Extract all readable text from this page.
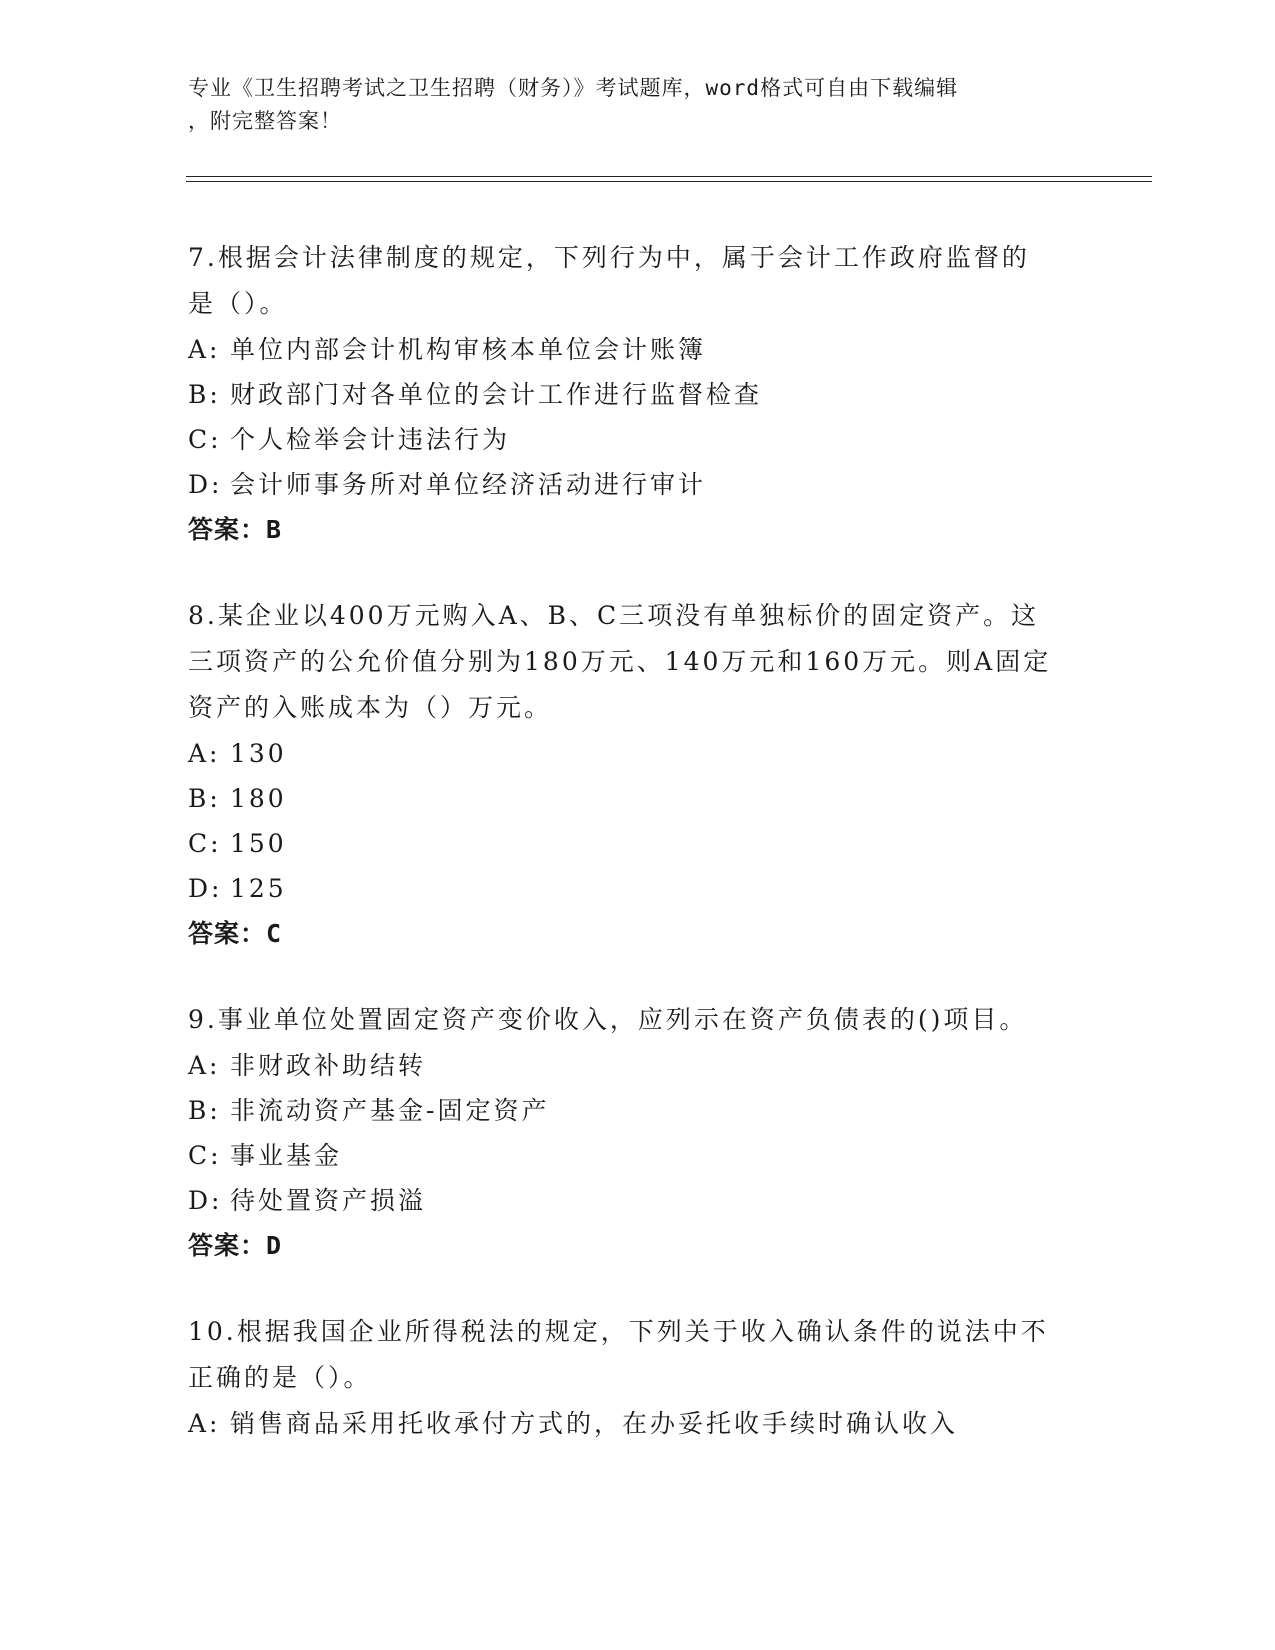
专业《卫生招聘考试之卫生招聘（财务）》考试题库，word格式可自由下载编辑
，附完整答案！

7.根据会计法律制度的规定，下列行为中，属于会计工作政府监督的

是（）。

A: 单位内部会计机构审核本单位会计账簿

B: 财政部门对各单位的会计工作进行监督检查

C: 个人检举会计违法行为

D: 会计师事务所对单位经济活动进行审计

答案：B

8.某企业以400万元购入A、B、C三项没有单独标价的固定资产。这

三项资产的公允价值分别为180万元、140万元和160万元。则A固定

资产的入账成本为（）万元。

A: 130

B: 180

C: 150

D: 125

答案：C

9.事业单位处置固定资产变价收入，应列示在资产负债表的()项目。

A: 非财政补助结转

B: 非流动资产基金-固定资产

C: 事业基金

D: 待处置资产损溢

答案：D

10.根据我国企业所得税法的规定，下列关于收入确认条件的说法中不

正确的是（）。

A: 销售商品采用托收承付方式的，在办妥托收手续时确认收入
